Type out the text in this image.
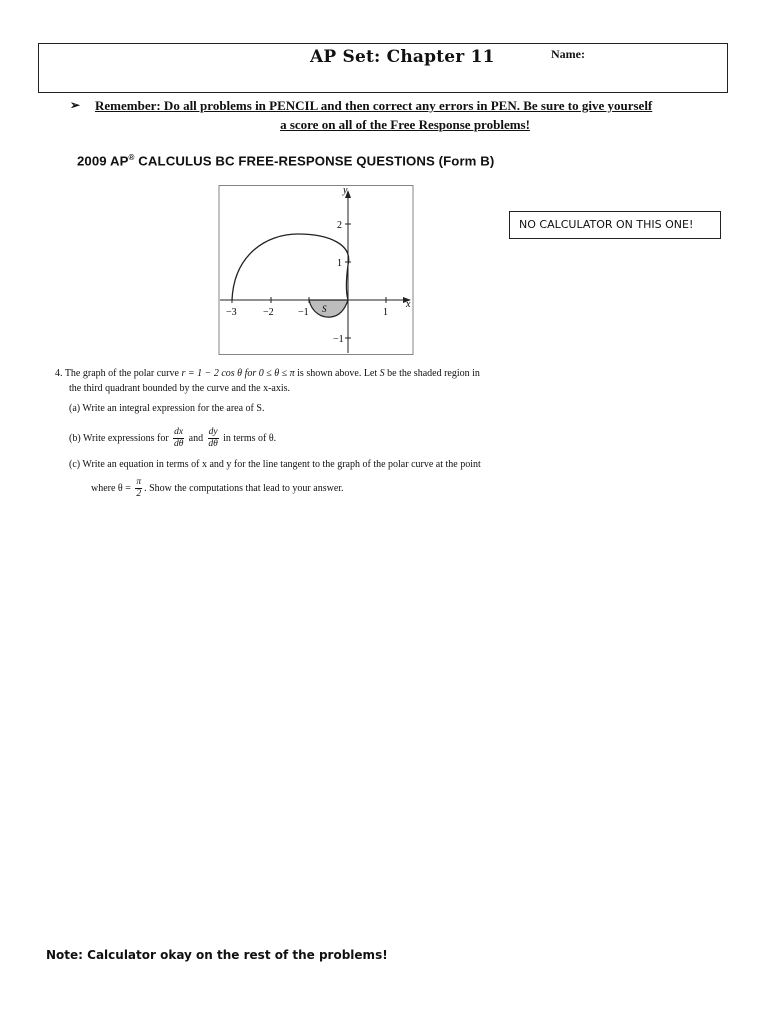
AP Set: Chapter 11	Name:
➢ Remember: Do all problems in PENCIL and then correct any errors in PEN. Be sure to give yourself
a score on all of the Free Response problems!
2009 AP® CALCULUS BC FREE-RESPONSE QUESTIONS (Form B)
−3	−2 −1	1
2
1
−1
x
y
S
NO CALCULATOR ON THIS ONE!
4. The graph of the polar curve r = 1 − 2 cos θ for 0 ≤ θ ≤ π is shown above. Let S be the shaded region in
the third quadrant bounded by the curve and the x-axis.
(a) Write an integral expression for the area of S.
(b) Write expressions for $\frac{dx}{d\theta}$ and $\frac{dy}{d\theta}$ in terms of θ.
(c) Write an equation in terms of x and y for the line tangent to the graph of the polar curve at the point
where $\theta = \frac{\pi}{2}$ . Show the computations that lead to your answer.
Note: Calculator okay on the rest of the problems!
